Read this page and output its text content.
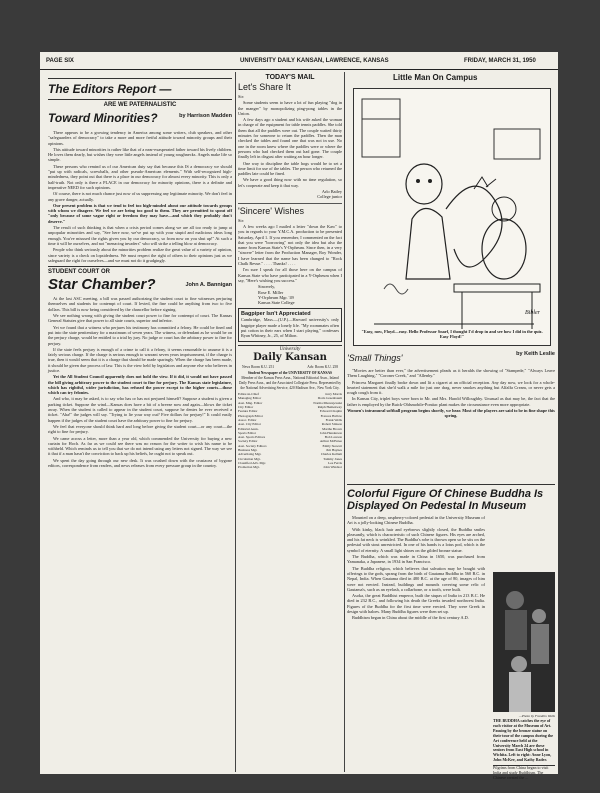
PAGE SIX	UNIVERSITY DAILY KANSAN, LAWRENCE, KANSAS	FRIDAY, MARCH 31, 1950
The Editors Report —
ARE WE PATERNALISTIC
Toward Minorities?	by Harrison Madden

There appears to be a growing tendency in America among some writers, club speakers, and other "safeguarders of democracy" to take a more and more fretful attitude toward minority groups and their opinions.

This attitude toward minorities is rather like that of a near-exasperated father toward his lively children. He loves them dearly, but wishes they were little angels instead of young roughnecks. Angels make life so simple.

These persons who remind us of our American duty say that because this IS a democracy we should "put up with radicals, screwballs, and other pseudo-American elements." With self-recognized high-mindedness, they point out that there is a place in our democracy for almost every minority. This is only a half-truth. Not only is there a PLACE in our democracy for minority opinions, there is a definite and imperative NEED for such opinions.

Of course, there is not much chance just now of us suppressing any legitimate minority. We don't feel in any grave danger, actually.

Our present problem is that we tend to feel too high-minded about our attitude towards groups with whom we disagree. We feel we are being too good to them. They are permitted to spout off "only because of some vague right or freedom they may have—and which they probably don't deserve."

The result of such thinking is that when a crisis period comes along we are all too ready to jump at unpopular minorities and say, "See here now, we've put up with your stupid and malicious ideas long enough. You've misused the rights given you by our democracy, so from now on you shut up!" At such a time it will be ourselves, and not "menacing invaders" who will strike a telling blow at democracy.

People who think seriously about the minorities problem realize the great value of a variety of opinion, since variety is a check on lopsidedness. We must respect the right of others to their opinions just as we safeguard the right for ourselves—and we must not do it grudgingly.

STUDENT COURT OR
Star Chamber?	John A. Bannigan

At the last ASC meeting, a bill was passed authorizing the student court to fine witnesses perjuring themselves and students for contempt of court. If levied, the fine could be anything from two to five dollars. This bill is now being considered by the chancellor before signing.

We see nothing wrong with giving the student court power to fine for contempt of court. The Kansas General Statutes give that power to all state courts, superior and inferior.

Yet we found that a witness who perjures his testimony has committed a felony. He could be fined and put into the state penitentiary for a maximum of seven years. The witness, or defendant as he would be on the perjury charge, would be entitled to a trial by jury. No judge or court has the arbitrary power to fine for perjury.

If the state feels perjury is enough of a crime to call it a felony, it seems reasonable to assume it is a fairly serious charge. If the charge is serious enough to warrant seven years imprisonment, if the charge is true, then it would seem that it is a charge that should be made sparingly. When the charge has been made, it should be given due process of law. This is the view held by legislators and anyone else who believes in justice.

Yet the All Student Council apparently does not hold the view. If it did, it would not have passed the bill giving arbitrary power to the student court to fine for perjury. The Kansas state legislature, which has rightful, wider jurisdiction, has refused the power except to the higher courts—those which can try felonies.

And who, it may be asked, is to say who has or has not perjured himself? Suppose a student is given a parking ticket. Suppose the wind—Kansas does have a bit of a breeze now and again—blows the ticket away. When the student is called to appear in the student court, suppose he denies he ever received a ticket. "Aha!" the judges will say. "Trying to lie your way out? Five dollars for perjury!" It could easily happen if the judges of the student court have the arbitrary power to fine for perjury.

We feel that everyone should think hard and long before giving the student court—or any court—the right to fine for perjury.

We came across a letter, more than a year old, which commended the University for buying a new curtain for Hoch. As far as we could see there was no reason for the writer to wish his name to be withheld. Which reminds us to tell you that we do not intend using any letters not signed. The way we see it that if a man hasn't the conviction to back up his beliefs, he ought not to speak out.

We spent the day going through our new desk. It was crushed down with the crustacea of bygone editors, correspondence from readers, and news releases from every pressure group in the country.

TODAY'S MAIL
Let's Share It

Sir:

Some students seem to have a lot of fun playing "dog in the manger" by monopolizing ping-pong tables in the Union.

A few days ago a student and his wife asked the woman in charge of the equipment for table tennis paddles. She told them that all the paddles were out. The couple waited thirty minutes for someone to return the paddles. Then the man checked the tables and found one that was not in use. No one in the room knew where the paddles were or where the persons who had checked them out had gone. The couple finally left in disgust after waiting an hour longer.

One way to discipline the table hogs would be to set a time limit for use of the tables. The person who returned the paddles late could be fined.

We have a good thing now with no time regulation, so let's cooperate and keep it that way.

Arlo Bailey
College junior
'Sincere' Wishes

Sir:

A few weeks ago I mailed a letter "down the Kaw" to you in regards to your Y.M.C.A. production to be presented Saturday, April 1. If you remember, I commented on the fact that you were "borrowing" not only the idea but also the name from Kansas State's Y-Orpheum. Since then, in a very "sincere" letter from the Production Manager, Roy Wonder, I have learned that the name has been changed to "Rock Chalk Revue." . . . . Thanks! . . . .

I'm sure I speak for all those here on the campus of Kansas State who have participated in a Y-Orpheum when I say, "Here's wishing you success."

Sincerely,
Rose E. Miller
Y-Orpheum Mgr. '49
Kansas State College
Bagpiper Isn't Appreciated
Cambridge, Mass.—(U.P.)—Harvard university's only bagpipe player made a lonely life. "My roommates often put cotton in their ears when I start playing," confesses Ryan Whitney, Jr., 25, of Milton.
University
Daily Kansan
News Room K.U. 251	Adv. Room K.U. 258
Student Newspaper of the UNIVERSITY OF KANSAS
Member of the Kansas Press Assn., National Editorial Assn., Inland Daily Press Assn., and the Associated Collegiate Press. Represented by the National Advertising Service, 420 Madison Ave., New York City.
Editor-in-Chief	Jerry Morris
Managing Editor	Doris Greenbaum
Asst. Mng. Editor	Norma Mierzejewski
City Editor	Ralph Hemenway
Feature Editor	Edward Chaplin
Photograph Editor	Frances Hallow
Assoc. Editor	Frank Wells
Asst. City Editor	Robert Stinson
Editorial Assts.	Martha Brown
Sports Editor	John Henderson
Asst. Sports Editors	Bob Lawson
Society Editor	Arthur McEntee
Asst. Society Editors	Emily Stewart
Business Mgr.	Jim Haynes
Advertising Mgr.	Charles Kellam
Circulation Mgr.	Tommy Jones
Classified Adv. Mgr.	Lee Ferris
Promotion Mgr.	John Windsor
Little Man On Campus
Bibler
"Easy, now, Floyd—easy. Hello Professor Snarf, I thought I'd drop in and see how I did in the quiz. Easy Floyd!"
'Small Things'	by Keith Leslie

"Movies are better than ever," the advertisement pleads as it heralds the showing of "Stampede," "Always Leave Them Laughing," "Coroner Creek," and "Allenby."

Princess Margaret finally broke down and lit a cigaret at an official reception. Any day now, we look for a whole-hearted statement that she'd walk a mile for just one drag, never smokes anything but Alfalfa Cream, or never gets a rough cough from it.

In Kansas City, triplet boys were born to Mr. and Mrs. Harold Willoughby. Unusual as that may be, the fact that the father is employed by the Buick-Oldsmobile-Pontiac plant makes the circumstance even more appropriate.

Women's intramural softball program begins shortly, we hear. Most of the players are said to be in fine shape this spring.

Colorful Figure Of Chinese Buddha Is Displayed On Pedestal In Museum

Mounted on a deep, raspberry-colored pedestal in the University Museum of Art is a jolly-looking Chinese Buddha.

With kinky, black hair and eyebrows slightly closed, the Buddha smiles pleasantly, which is characteristic of such Chinese figures. His eyes are arched, and his fat neck is wrinkled. The Buddha's robe is thrown open so he sits on the pedestal with stout unrestricted. In one of his hands is a lotus pod, which is the symbol of eternity. A small light shines on the gilded bronze statue.

The Buddha, which was made in China in 1650, was purchased from Yamanaka, a Japanese, in 1934 in San Francisco.

The Buddha religion, which believes that salvation may be bought with offerings to the gods, sprang from the birth of Gautama Buddha in 560 B.C. in Nepal, India. When Gautama died in 480 B.C. at the age of 80, images of him were not erected. Instead, buildings and mounds covering some relic of Gautama's, such as an eyelash, a collarbone, or a tooth, were built.

Asoka, the great Buddhist emperor, built the stupas of India in 213 B.C. He died in 232 B.C., and following his death the Greeks invaded northwest India. Figures of the Buddha for the first time were erected. They were Greek in design with haloes. Many Buddha figures were then set up.

Buddhism began in China about the middle of the first century A.D.

—Photo by Franklin Walls
THE BUDDHA catches the eye of each visitor at the Museum of Art. Pausing by the bronze statue on their tour of the campus during the Art conference held at the University March 24 are these seniors from East High school in Wichita. Left to right: Anne Lyon, John McKee, and Kathy Bader.
Pilgrims from China began to visit India and study Buddhism. The Chinese created the ...
